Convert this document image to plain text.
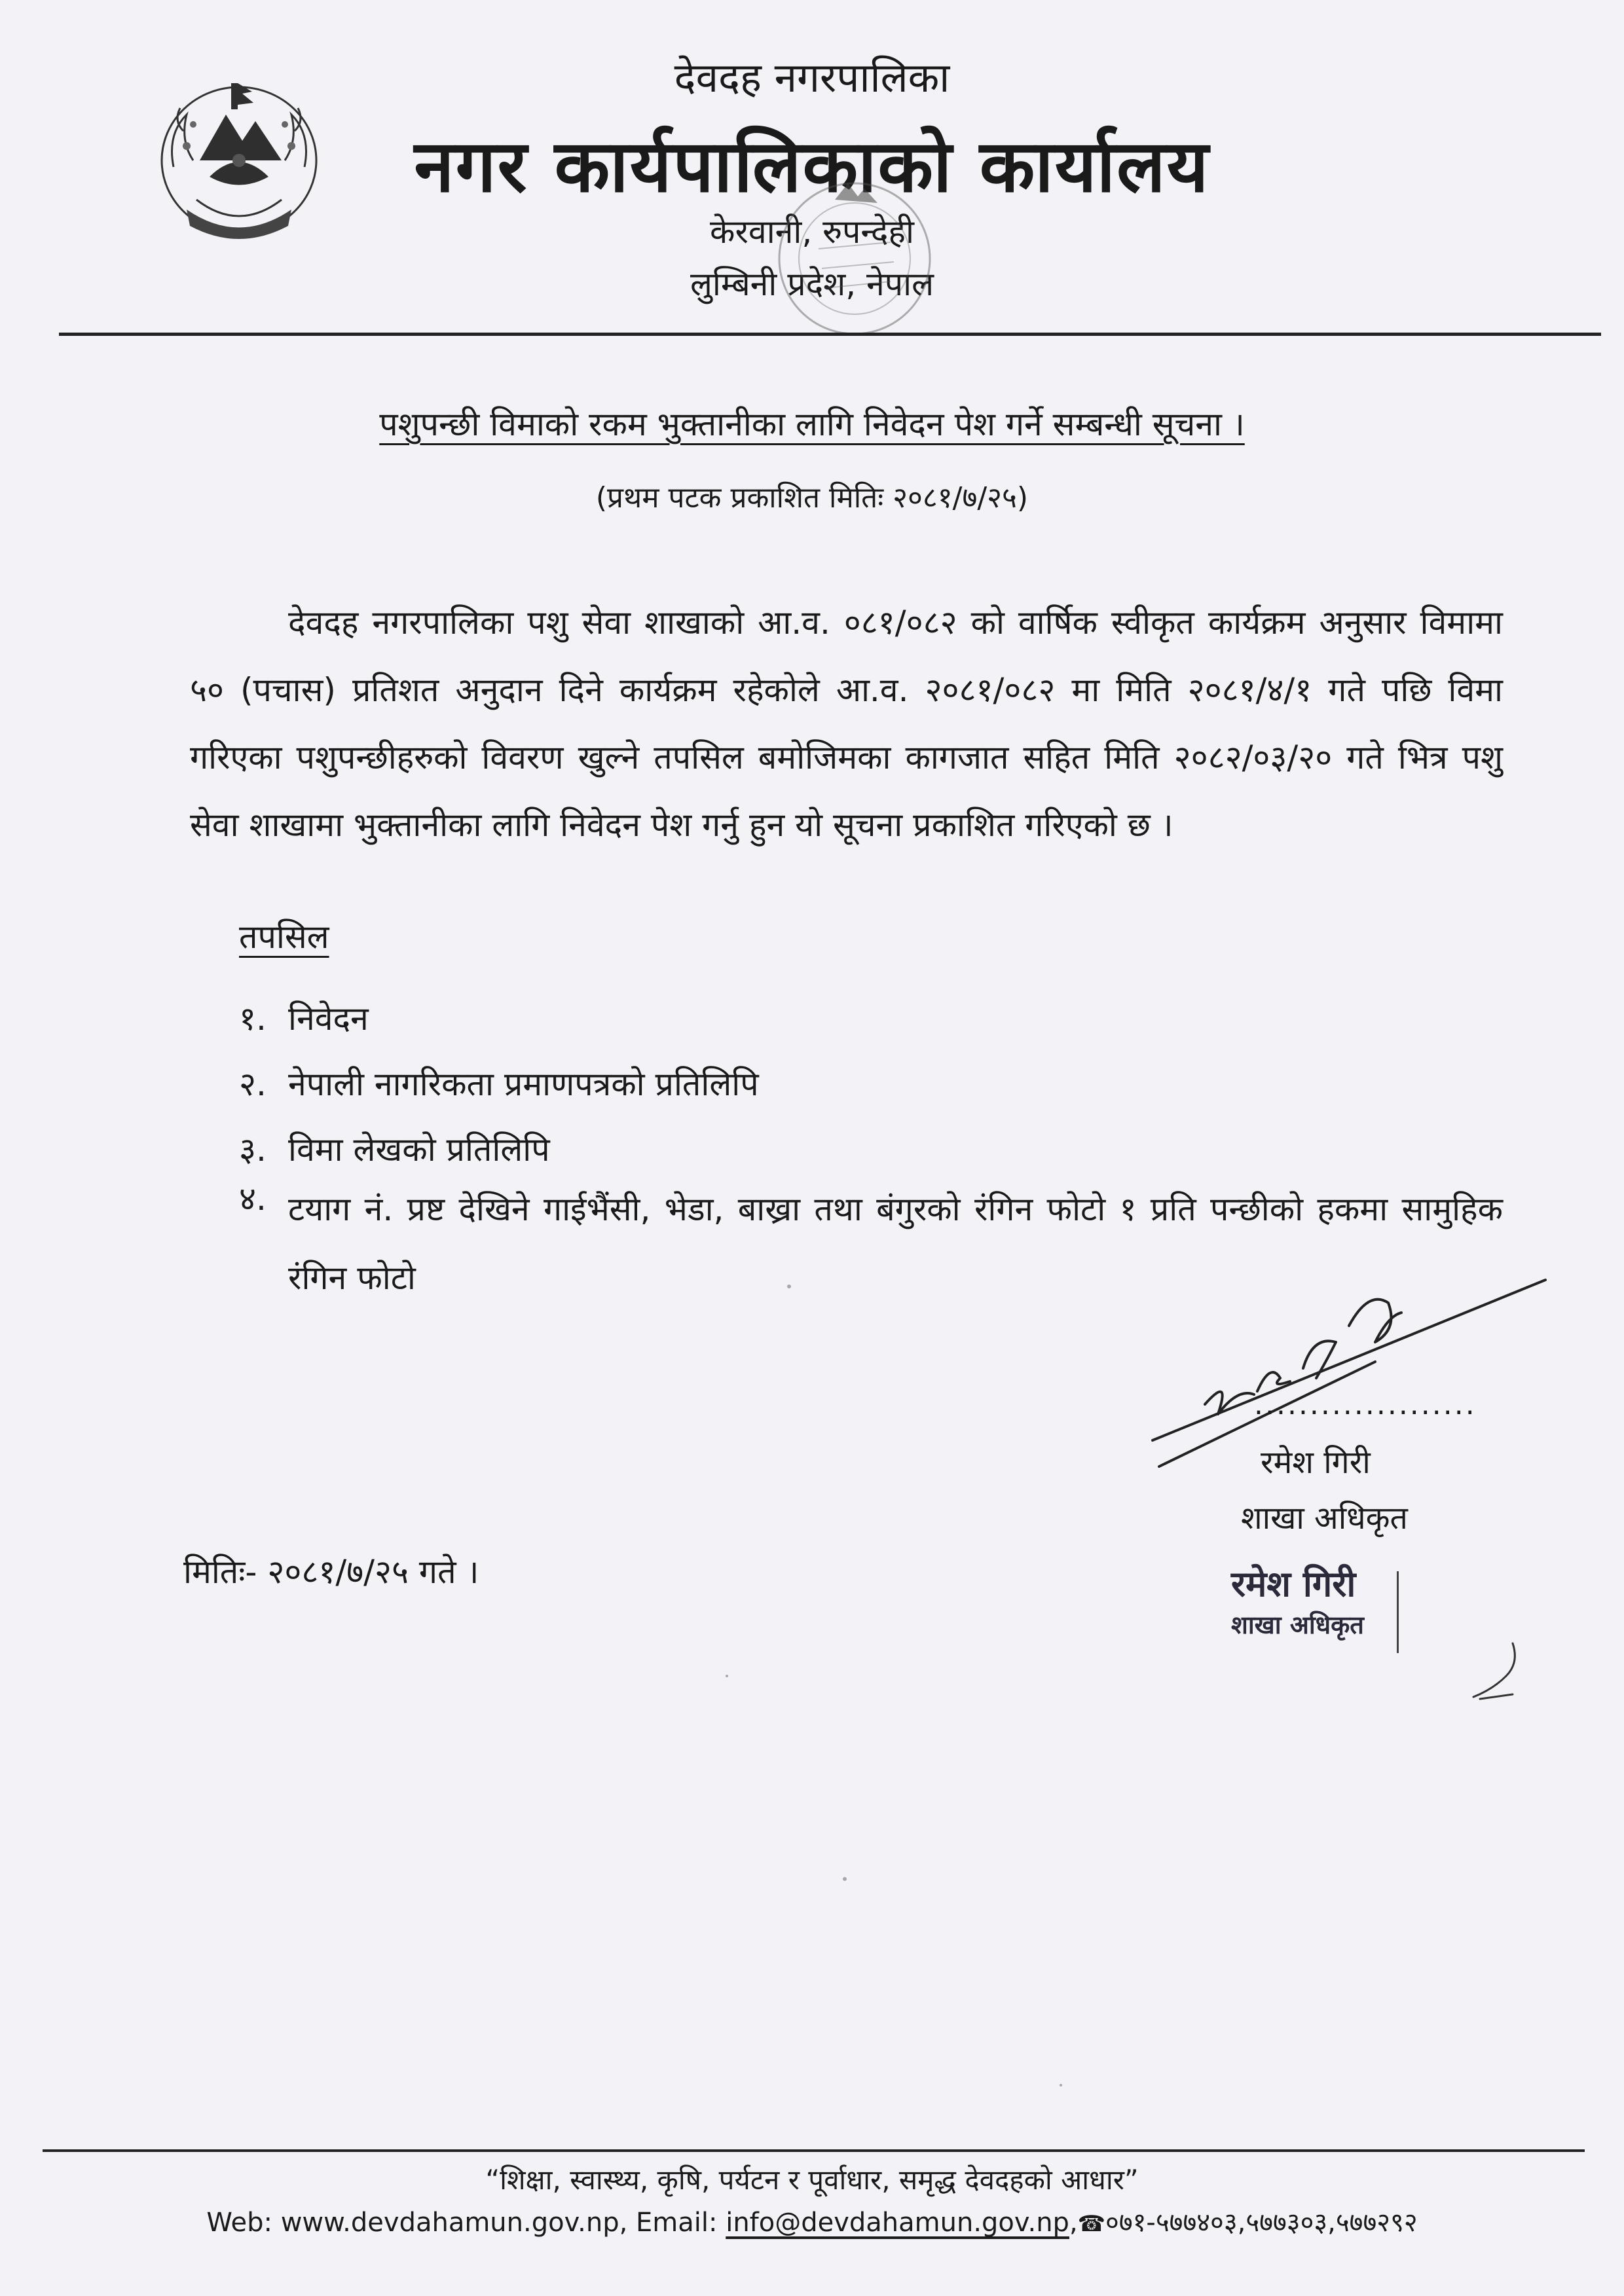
देवदह नगरपालिका
नगर कार्यपालिकाको कार्यालय
केरवानी, रुपन्देही
लुम्बिनी प्रदेश, नेपाल
पशुपन्छी विमाको रकम भुक्तानीका लागि निवेदन पेश गर्ने सम्बन्धी सूचना ।
(प्रथम पटक प्रकाशित मितिः २०८१/७/२५)
देवदह नगरपालिका पशु सेवा शाखाको आ.व. ०८१/०८२ को वार्षिक स्वीकृत कार्यक्रम अनुसार विमामा ५० (पचास) प्रतिशत अनुदान दिने कार्यक्रम रहेकोले आ.व. २०८१/०८२ मा मिति २०८१/४/१ गते पछि विमा गरिएका पशुपन्छीहरुको विवरण खुल्ने तपसिल बमोजिमका कागजात सहित मिति २०८२/०३/२० गते भित्र पशु सेवा शाखामा भुक्तानीका लागि निवेदन पेश गर्नु हुन यो सूचना प्रकाशित गरिएको छ ।
तपसिल
१. निवेदन
२. नेपाली नागरिकता प्रमाणपत्रको प्रतिलिपि
३. विमा लेखको प्रतिलिपि
४. टयाग नं. प्रष्ट देखिने गाईभैंसी, भेडा, बाख्रा तथा बंगुरको रंगिन फोटो १ प्रति पन्छीको हकमा सामुहिक रंगिन फोटो
....................
रमेश गिरी
शाखा अधिकृत
रमेश गिरी
शाखा अधिकृत
मितिः- २०८१/७/२५ गते ।
“शिक्षा, स्वास्थ्य, कृषि, पर्यटन र पूर्वाधार, समृद्ध देवदहको आधार”
Web: www.devdahamun.gov.np, Email: info@devdahamun.gov.np,☎०७१-५७७४०३,५७७३०३,५७७२९२
